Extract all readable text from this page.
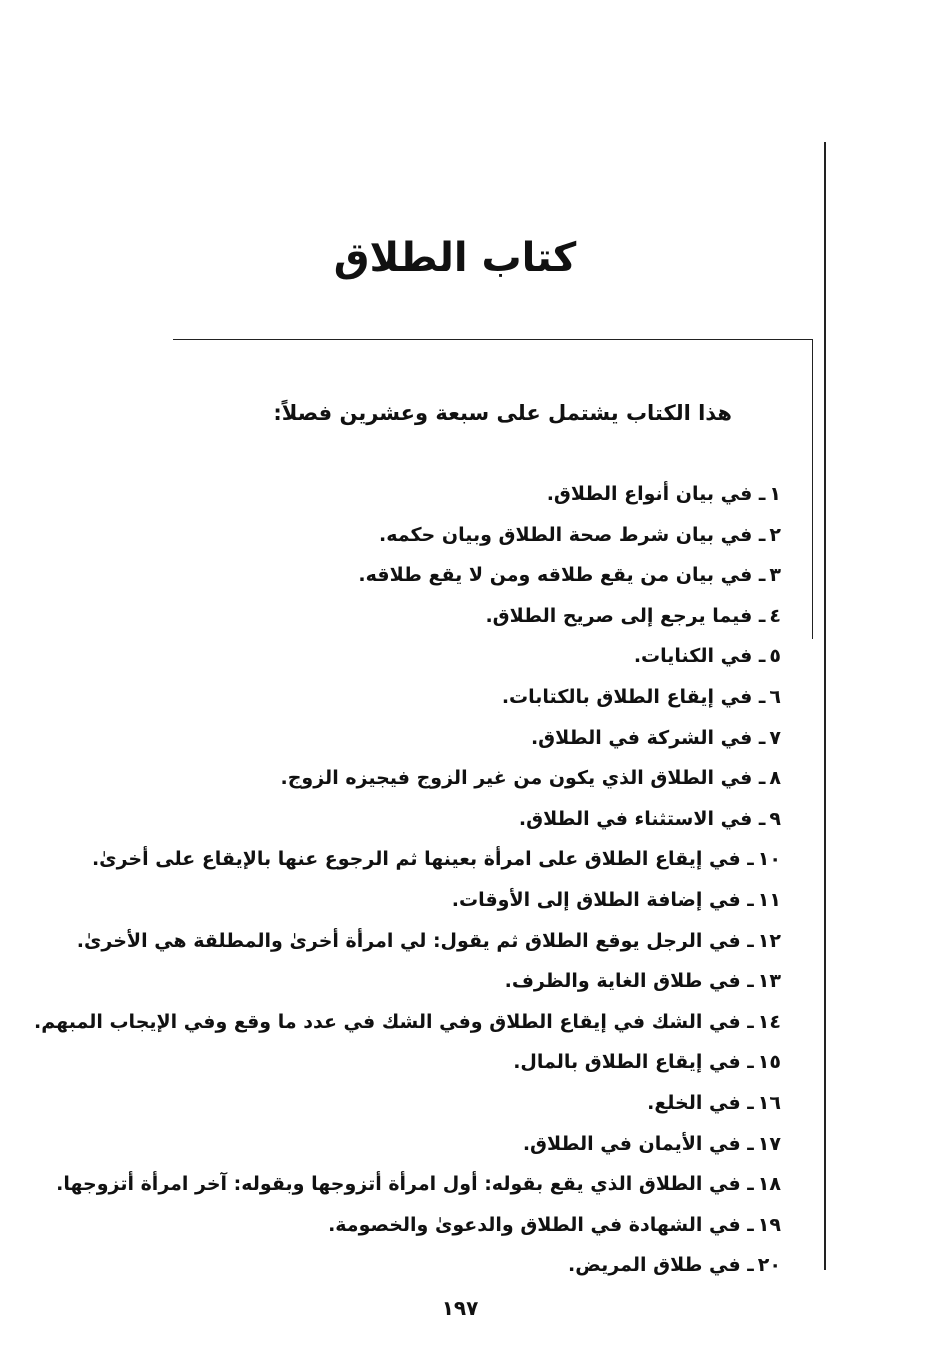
كتاب الطلاق
هذا الكتاب يشتمل على سبعة وعشرين فصلاً:
١ـ في بيان أنواع الطلاق.
٢ـ في بيان شرط صحة الطلاق وبيان حكمه.
٣ـ في بيان من يقع طلاقه ومن لا يقع طلاقه.
٤ـ فيما يرجع إلى صريح الطلاق.
٥ـ في الكنايات.
٦ـ في إيقاع الطلاق بالكتابات.
٧ـ في الشركة في الطلاق.
٨ـ في الطلاق الذي يكون من غير الزوج فيجيزه الزوج.
٩ـ في الاستثناء في الطلاق.
١٠ـ في إيقاع الطلاق على امرأة بعينها ثم الرجوع عنها بالإيقاع على أخرىٰ.
١١ـ في إضافة الطلاق إلى الأوقات.
١٢ـ في الرجل يوقع الطلاق ثم يقول: لي امرأة أخرىٰ والمطلقة هي الأخرىٰ.
١٣ـ في طلاق الغاية والظرف.
١٤ـ في الشك في إيقاع الطلاق وفي الشك في عدد ما وقع وفي الإيجاب المبهم.
١٥ـ في إيقاع الطلاق بالمال.
١٦ـ في الخلع.
١٧ـ في الأيمان في الطلاق.
١٨ـ في الطلاق الذي يقع بقوله: أول امرأة أتزوجها وبقوله: آخر امرأة أتزوجها.
١٩ـ في الشهادة في الطلاق والدعوىٰ والخصومة.
٢٠ـ في طلاق المريض.
١٩٧
